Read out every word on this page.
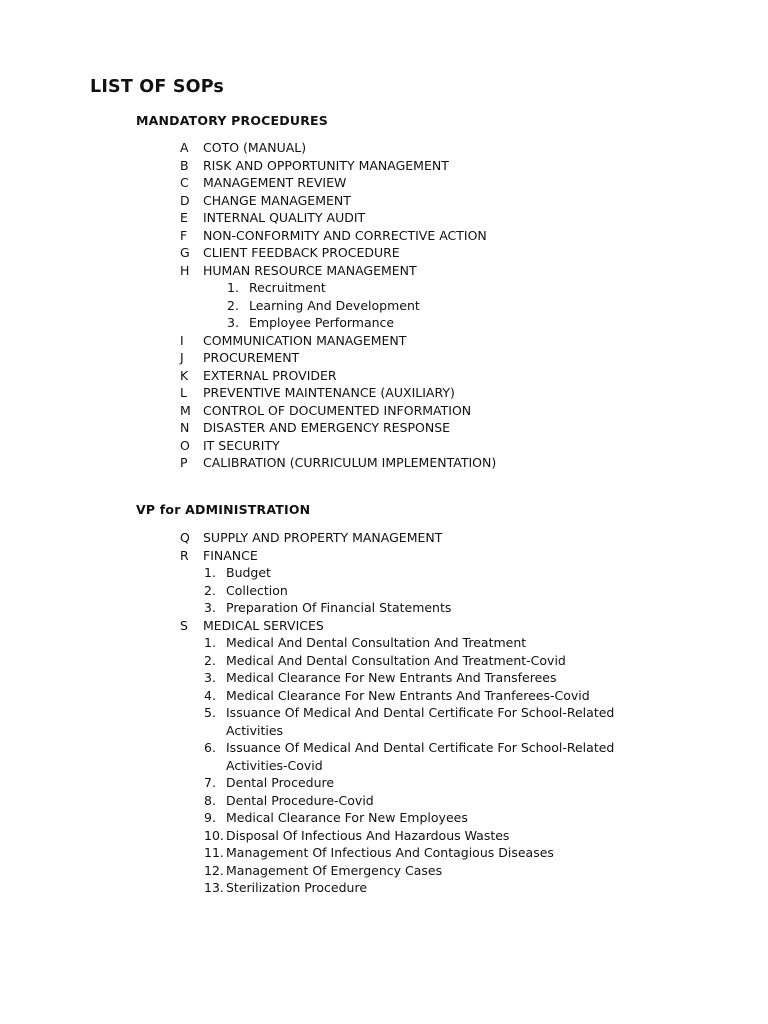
LIST OF SOPs
MANDATORY PROCEDURES
A COTO (MANUAL)
B RISK AND OPPORTUNITY MANAGEMENT
C MANAGEMENT REVIEW
D CHANGE MANAGEMENT
E INTERNAL QUALITY AUDIT
F NON-CONFORMITY AND CORRECTIVE ACTION
G CLIENT FEEDBACK PROCEDURE
H HUMAN RESOURCE MANAGEMENT
1. Recruitment
2. Learning And Development
3. Employee Performance
I COMMUNICATION MANAGEMENT
J PROCUREMENT
K EXTERNAL PROVIDER
L PREVENTIVE MAINTENANCE (AUXILIARY)
M CONTROL OF DOCUMENTED INFORMATION
N DISASTER AND EMERGENCY RESPONSE
O IT SECURITY
P CALIBRATION (CURRICULUM IMPLEMENTATION)
VP for ADMINISTRATION
Q SUPPLY AND PROPERTY MANAGEMENT
R FINANCE
1. Budget
2. Collection
3. Preparation Of Financial Statements
S MEDICAL SERVICES
1. Medical And Dental Consultation And Treatment
2. Medical And Dental Consultation And Treatment-Covid
3. Medical Clearance For New Entrants And Transferees
4. Medical Clearance For New Entrants And Tranferees-Covid
5. Issuance Of Medical And Dental Certificate For School-Related
Activities
6. Issuance Of Medical And Dental Certificate For School-Related
Activities-Covid
7. Dental Procedure
8. Dental Procedure-Covid
9. Medical Clearance For New Employees
10. Disposal Of Infectious And Hazardous Wastes
11. Management Of Infectious And Contagious Diseases
12. Management Of Emergency Cases
13. Sterilization Procedure
